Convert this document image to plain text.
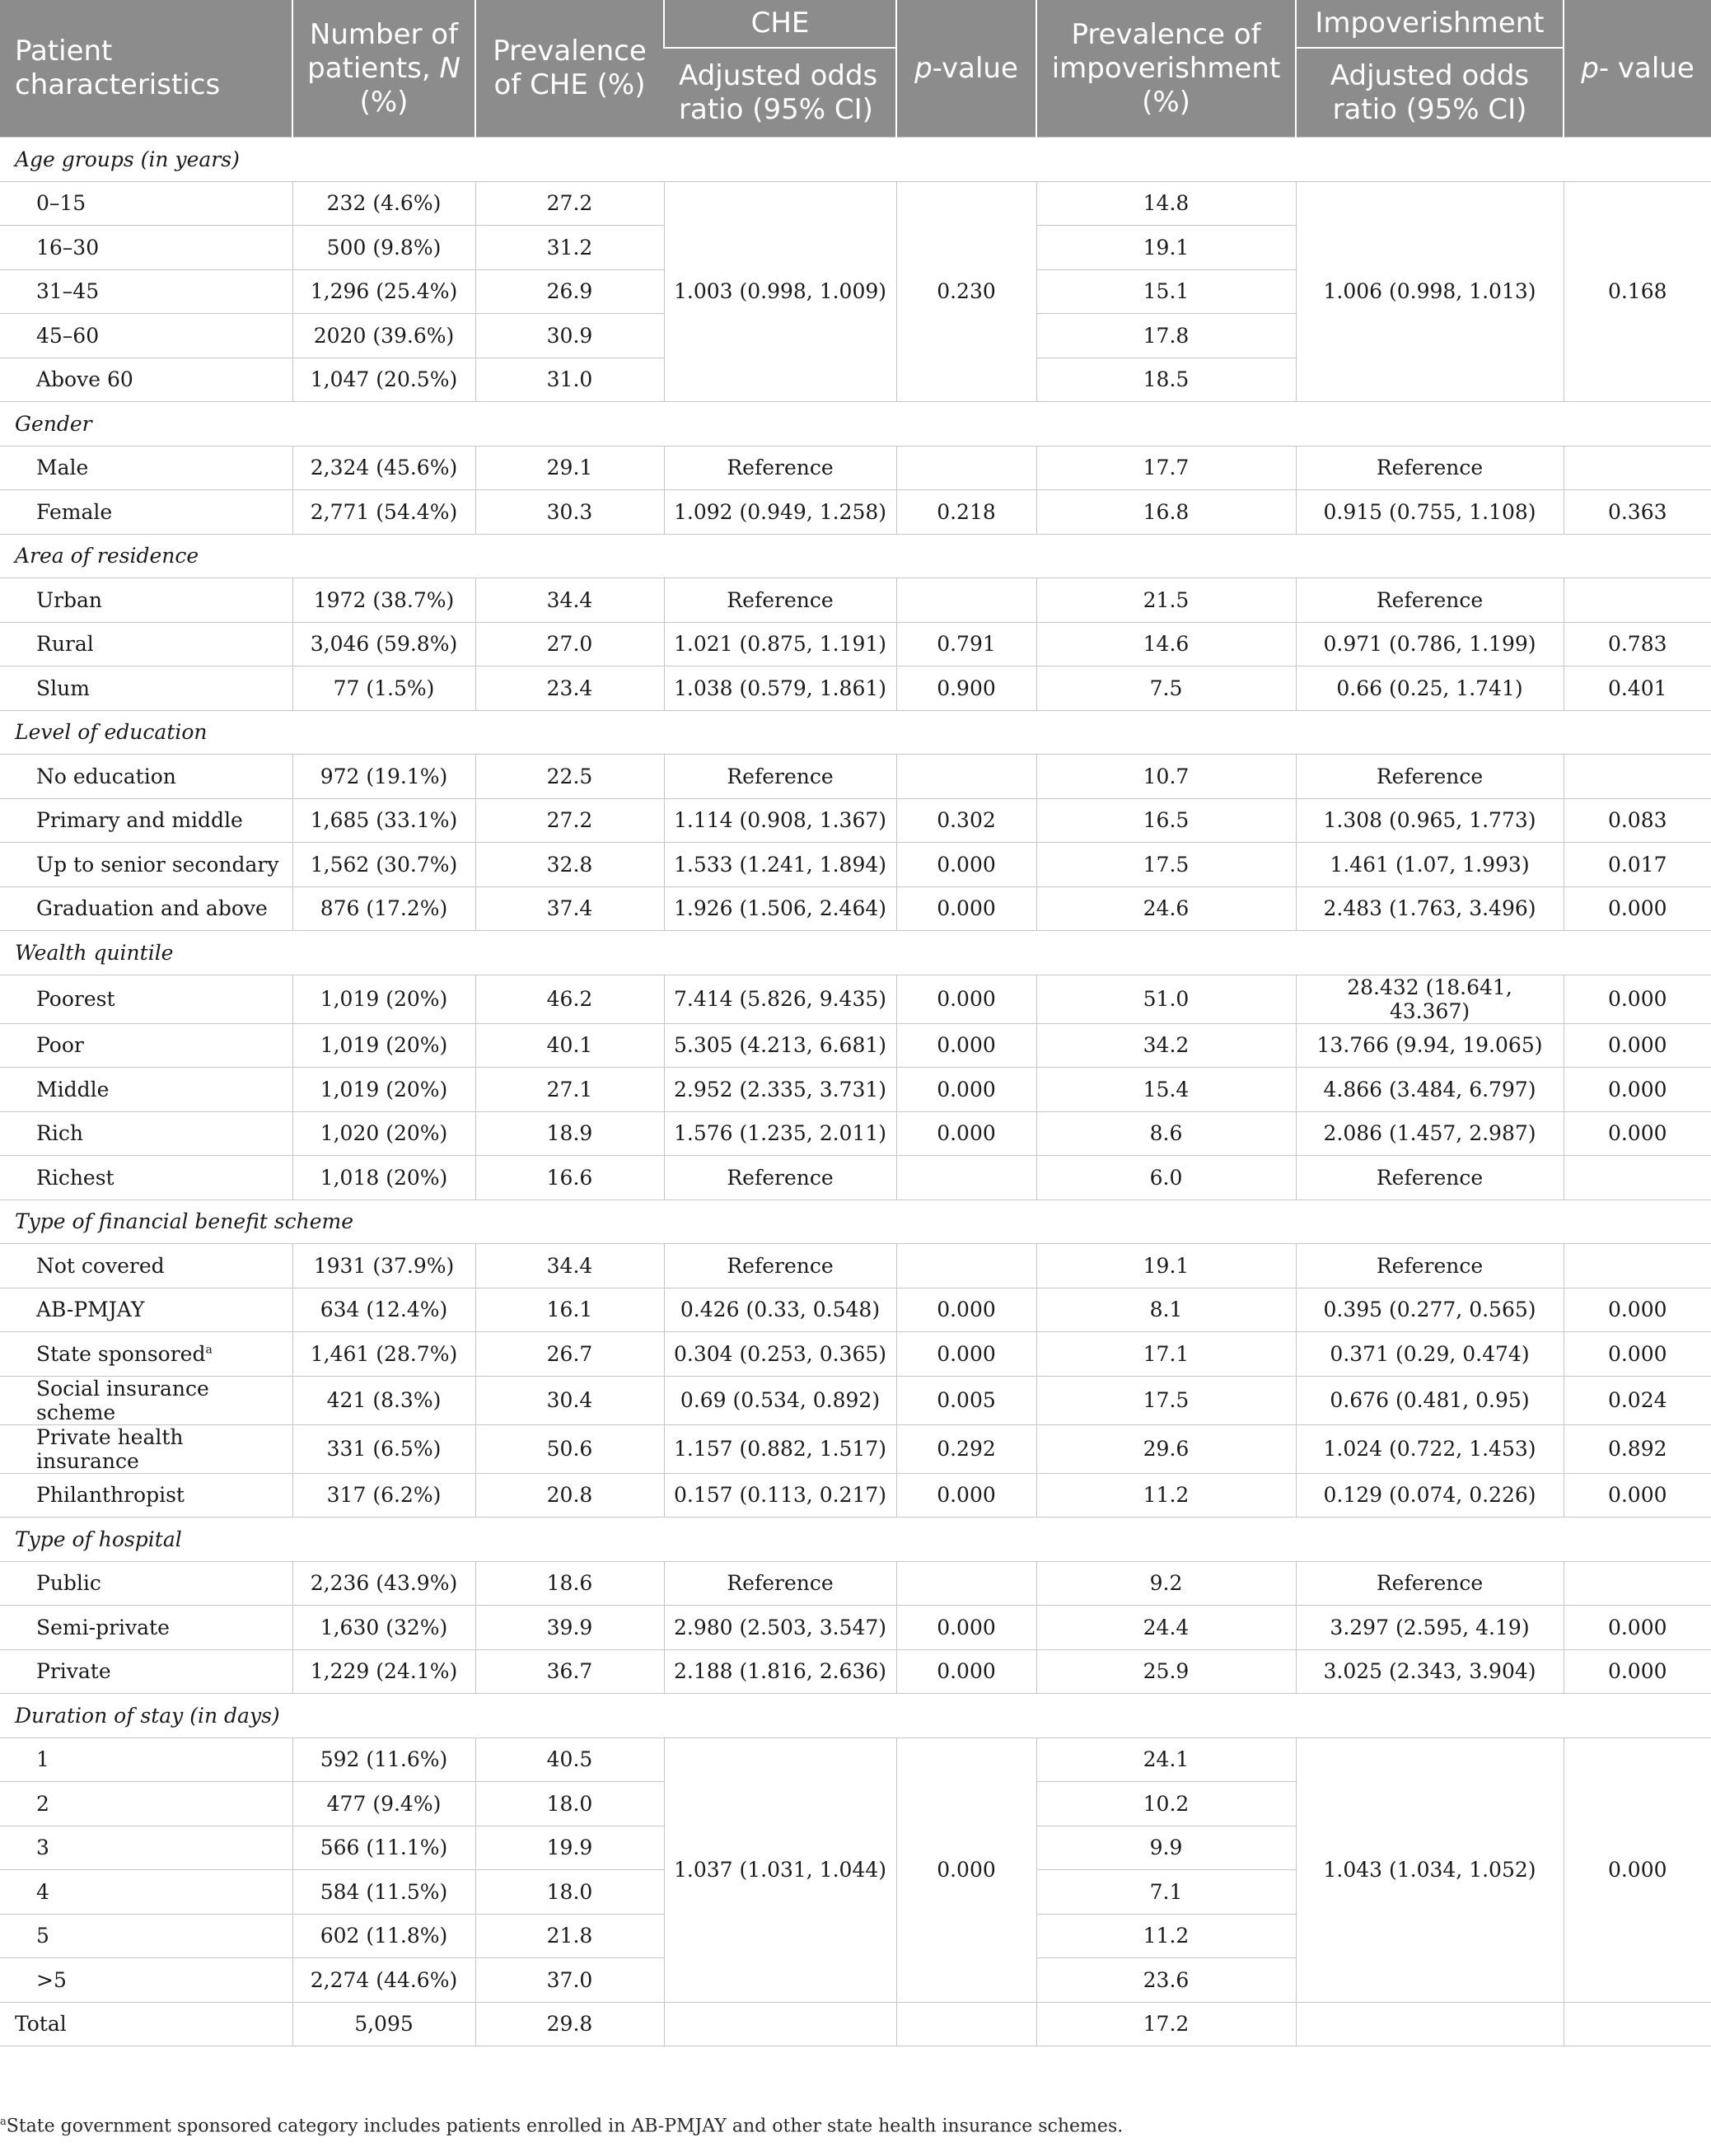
Patient characteristics	Number of patients, N (%)	Prevalence of CHE (%)	CHE	p-value	Prevalence of impoverishment (%)	Impoverishment	p- value
			Adjusted odds ratio (95% CI)			Adjusted odds ratio (95% CI)	
Age groups (in years)							
0–15	232 (4.6%)	27.2	1.003 (0.998, 1.009)	0.230	14.8	1.006 (0.998, 1.013)	0.168
16–30	500 (9.8%)	31.2			19.1		
31–45	1,296 (25.4%)	26.9			15.1		
45–60	2020 (39.6%)	30.9			17.8		
Above 60	1,047 (20.5%)	31.0			18.5		
Gender							
Male	2,324 (45.6%)	29.1	Reference		17.7	Reference	
Female	2,771 (54.4%)	30.3	1.092 (0.949, 1.258)	0.218	16.8	0.915 (0.755, 1.108)	0.363
Area of residence							
Urban	1972 (38.7%)	34.4	Reference		21.5	Reference	
Rural	3,046 (59.8%)	27.0	1.021 (0.875, 1.191)	0.791	14.6	0.971 (0.786, 1.199)	0.783
Slum	77 (1.5%)	23.4	1.038 (0.579, 1.861)	0.900	7.5	0.66 (0.25, 1.741)	0.401
Level of education							
No education	972 (19.1%)	22.5	Reference		10.7	Reference	
Primary and middle	1,685 (33.1%)	27.2	1.114 (0.908, 1.367)	0.302	16.5	1.308 (0.965, 1.773)	0.083
Up to senior secondary	1,562 (30.7%)	32.8	1.533 (1.241, 1.894)	0.000	17.5	1.461 (1.07, 1.993)	0.017
Graduation and above	876 (17.2%)	37.4	1.926 (1.506, 2.464)	0.000	24.6	2.483 (1.763, 3.496)	0.000
Wealth quintile							
Poorest	1,019 (20%)	46.2	7.414 (5.826, 9.435)	0.000	51.0	28.432 (18.641, 43.367)	0.000
Poor	1,019 (20%)	40.1	5.305 (4.213, 6.681)	0.000	34.2	13.766 (9.94, 19.065)	0.000
Middle	1,019 (20%)	27.1	2.952 (2.335, 3.731)	0.000	15.4	4.866 (3.484, 6.797)	0.000
Rich	1,020 (20%)	18.9	1.576 (1.235, 2.011)	0.000	8.6	2.086 (1.457, 2.987)	0.000
Richest	1,018 (20%)	16.6	Reference		6.0	Reference	
Type of financial benefit scheme							
Not covered	1931 (37.9%)	34.4	Reference		19.1	Reference	
AB-PMJAY	634 (12.4%)	16.1	0.426 (0.33, 0.548)	0.000	8.1	0.395 (0.277, 0.565)	0.000
State sponsored$^a$	1,461 (28.7%)	26.7	0.304 (0.253, 0.365)	0.000	17.1	0.371 (0.29, 0.474)	0.000
Social insurance scheme	421 (8.3%)	30.4	0.69 (0.534, 0.892)	0.005	17.5	0.676 (0.481, 0.95)	0.024
Private health insurance	331 (6.5%)	50.6	1.157 (0.882, 1.517)	0.292	29.6	1.024 (0.722, 1.453)	0.892
Philanthropist	317 (6.2%)	20.8	0.157 (0.113, 0.217)	0.000	11.2	0.129 (0.074, 0.226)	0.000
Type of hospital							
Public	2,236 (43.9%)	18.6	Reference		9.2	Reference	
Semi-private	1,630 (32%)	39.9	2.980 (2.503, 3.547)	0.000	24.4	3.297 (2.595, 4.19)	0.000
Private	1,229 (24.1%)	36.7	2.188 (1.816, 2.636)	0.000	25.9	3.025 (2.343, 3.904)	0.000
Duration of stay (in days)							
1	592 (11.6%)	40.5	1.037 (1.031, 1.044)	0.000	24.1	1.043 (1.034, 1.052)	0.000
2	477 (9.4%)	18.0			10.2		
3	566 (11.1%)	19.9			9.9		
4	584 (11.5%)	18.0			7.1		
5	602 (11.8%)	21.8			11.2		
>5	2,274 (44.6%)	37.0			23.6		
Total	5,095	29.8			17.2		
$^a$State government sponsored category includes patients enrolled in AB-PMJAY and other state health insurance schemes.
